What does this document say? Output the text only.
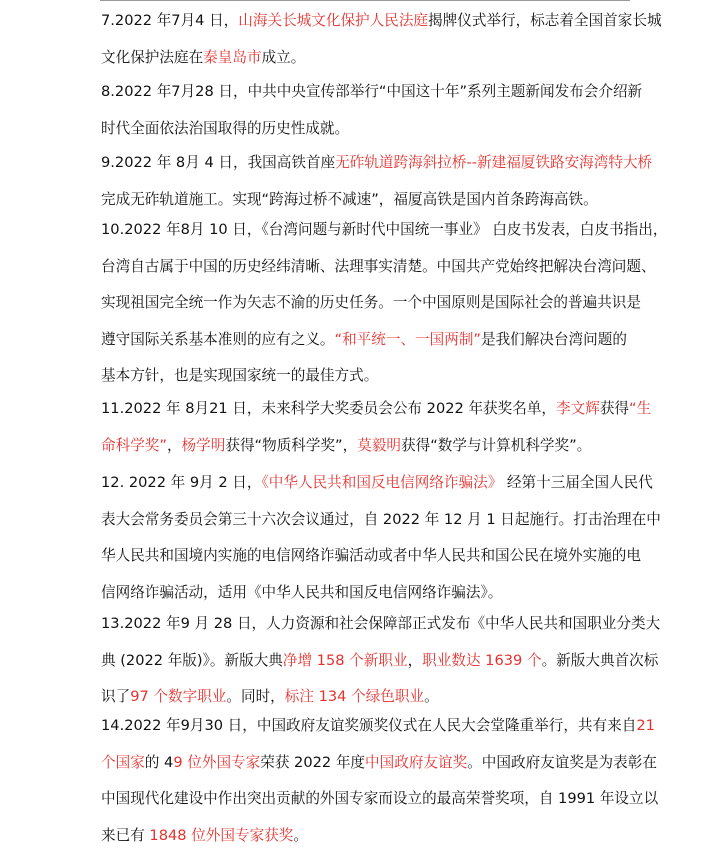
7.2022 年7月4 日，山海关长城文化保护人民法庭揭牌仪式举行，标志着全国首家长城
文化保护法庭在秦皇岛市成立。
8.2022 年7月28 日，中共中央宣传部举行“中国这十年”系列主题新闻发布会介绍新
时代全面依法治国取得的历史性成就。
9.2022 年 8月 4 日，我国高铁首座无砟轨道跨海斜拉桥--新建福厦铁路安海湾特大桥
完成无砟轨道施工。实现“跨海过桥不减速”，福厦高铁是国内首条跨海高铁。
10.2022 年8月 10 日，《台湾问题与新时代中国统一事业》 白皮书发表，白皮书指出，
台湾自古属于中国的历史经纬清晰、法理事实清楚。中国共产党始终把解决台湾问题、
实现祖国完全统一作为矢志不渝的历史任务。一个中国原则是国际社会的普遍共识是
遵守国际关系基本准则的应有之义。“和平统一、一国两制”是我们解决台湾问题的
基本方针，也是实现国家统一的最佳方式。
11.2022 年 8月21 日，未来科学大奖委员会公布 2022 年获奖名单，李文辉获得“生
命科学奖”，杨学明获得“物质科学奖”，莫毅明获得“数学与计算机科学奖”。
12. 2022 年 9月 2 日，《中华人民共和国反电信网络诈骗法》 经第十三届全国人民代
表大会常务委员会第三十六次会议通过，自 2022 年 12 月 1 日起施行。打击治理在中
华人民共和国境内实施的电信网络诈骗活动或者中华人民共和国公民在境外实施的电
信网络诈骗活动，适用《中华人民共和国反电信网络诈骗法》。
13.2022 年9 月 28 日，人力资源和社会保障部正式发布《中华人民共和国职业分类大
典 (2022 年版)》。新版大典净增 158 个新职业，职业数达 1639 个。新版大典首次标
识了97 个数字职业。同时，标注 134 个绿色职业。
14.2022 年9月30 日，中国政府友谊奖颁奖仪式在人民大会堂隆重举行，共有来自21
个国家的 49 位外国专家荣获 2022 年度中国政府友谊奖。中国政府友谊奖是为表彰在
中国现代化建设中作出突出贡献的外国专家而设立的最高荣誉奖项，自 1991 年设立以
来已有 1848 位外国专家获奖。
